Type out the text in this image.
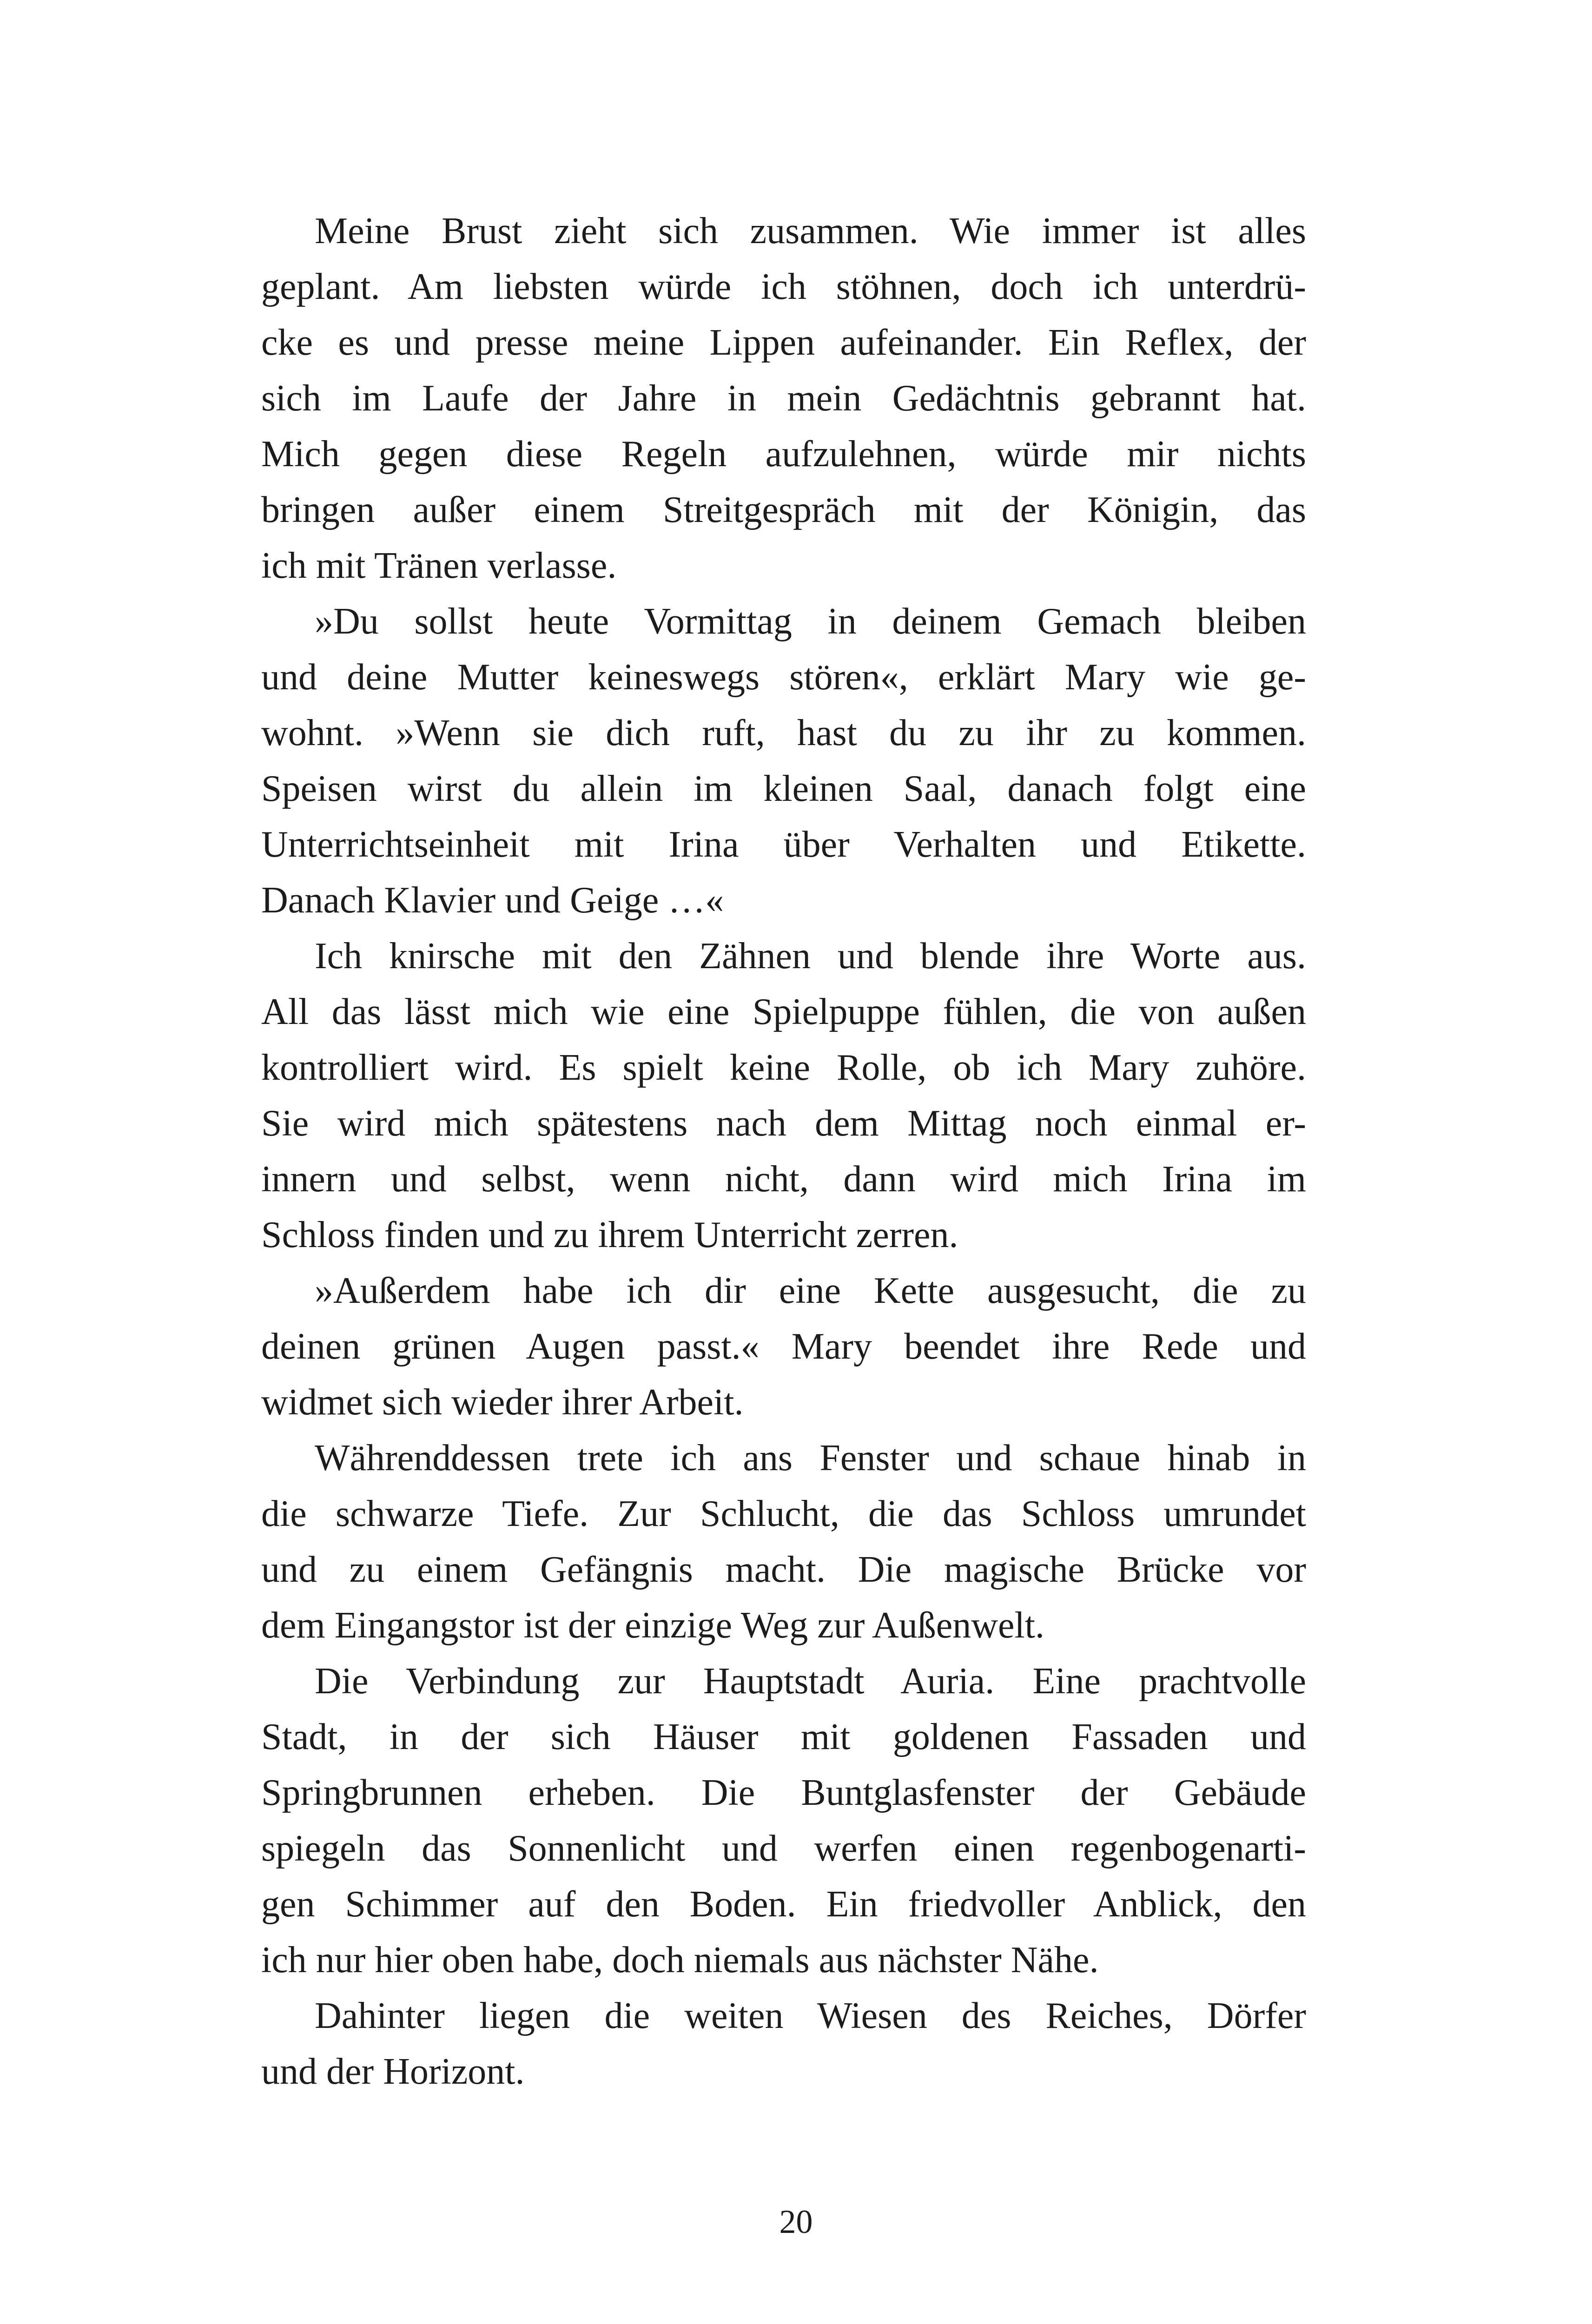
Meine Brust zieht sich zusammen. Wie immer ist alles
geplant. Am liebsten würde ich stöhnen, doch ich unterdrü-
cke es und presse meine Lippen aufeinander. Ein Reflex, der
sich im Laufe der Jahre in mein Gedächtnis gebrannt hat.
Mich gegen diese Regeln aufzulehnen, würde mir nichts
bringen außer einem Streitgespräch mit der Königin, das
ich mit Tränen verlasse.

»Du sollst heute Vormittag in deinem Gemach bleiben
und deine Mutter keineswegs stören«, erklärt Mary wie ge-
wohnt. »Wenn sie dich ruft, hast du zu ihr zu kommen.
Speisen wirst du allein im kleinen Saal, danach folgt eine
Unterrichtseinheit mit Irina über Verhalten und Etikette.
Danach Klavier und Geige …«

Ich knirsche mit den Zähnen und blende ihre Worte aus.
All das lässt mich wie eine Spielpuppe fühlen, die von außen
kontrolliert wird. Es spielt keine Rolle, ob ich Mary zuhöre.
Sie wird mich spätestens nach dem Mittag noch einmal er-
innern und selbst, wenn nicht, dann wird mich Irina im
Schloss finden und zu ihrem Unterricht zerren.

»Außerdem habe ich dir eine Kette ausgesucht, die zu
deinen grünen Augen passt.« Mary beendet ihre Rede und
widmet sich wieder ihrer Arbeit.

Währenddessen trete ich ans Fenster und schaue hinab in
die schwarze Tiefe. Zur Schlucht, die das Schloss umrundet
und zu einem Gefängnis macht. Die magische Brücke vor
dem Eingangstor ist der einzige Weg zur Außenwelt.

Die Verbindung zur Hauptstadt Auria. Eine prachtvolle
Stadt, in der sich Häuser mit goldenen Fassaden und
Springbrunnen erheben. Die Buntglasfenster der Gebäude
spiegeln das Sonnenlicht und werfen einen regenbogenarti-
gen Schimmer auf den Boden. Ein friedvoller Anblick, den
ich nur hier oben habe, doch niemals aus nächster Nähe.

Dahinter liegen die weiten Wiesen des Reiches, Dörfer
und der Horizont.

20
